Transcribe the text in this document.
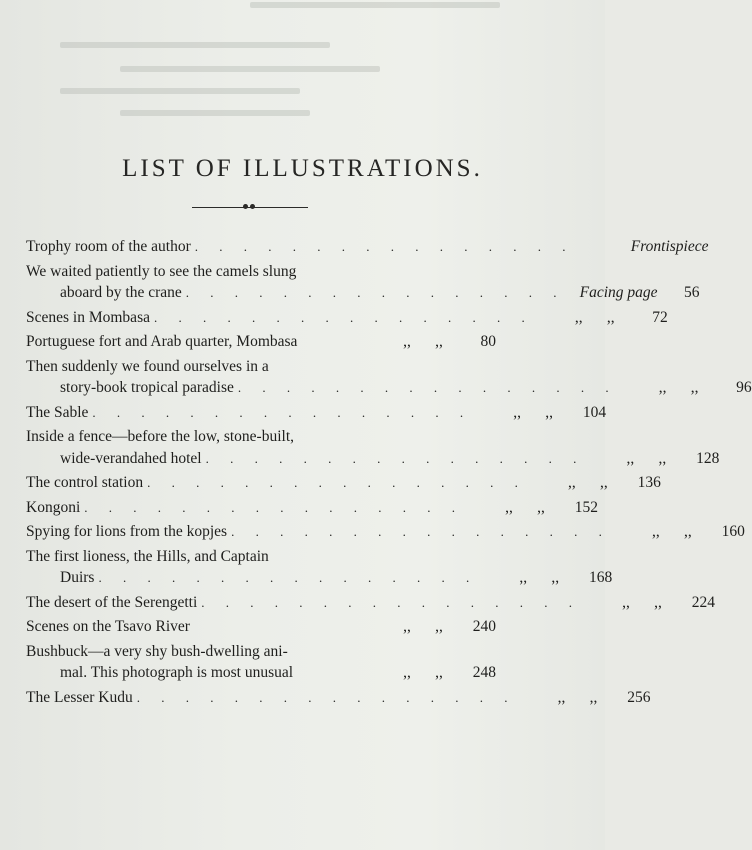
LIST OF ILLUSTRATIONS.
Trophy room of the author . . . . . . . . . . . . . . . .	Frontispiece
We waited patiently to see the camels slung
aboard by the crane . . . . . . . . . . . . . . . . Facing page	56
Scenes in Mombasa . . . . . . . . . . . . . . . .	,,	,,	72
Portuguese fort and Arab quarter, Mombasa	,,	,,	80
Then suddenly we found ourselves in a
story-book tropical paradise . . . . . . . . . . . . . . . .	,,	,,	96
The Sable . . . . . . . . . . . . . . . .	,,	,,	104
Inside a fence—before the low, stone-built,
wide-verandahed hotel . . . . . . . . . . . . . . . .	,,	,,	128
The control station . . . . . . . . . . . . . . . .	,,	,,	136
Kongoni . . . . . . . . . . . . . . . .	,,	,,	152
Spying for lions from the kopjes . . . . . . . . . . . . . . . .	,,	,,	160
The first lioness, the Hills, and Captain
Duirs . . . . . . . . . . . . . . . .	,,	,,	168
The desert of the Serengetti . . . . . . . . . . . . . . . .	,,	,,	224
Scenes on the Tsavo River	,,	,,	240
Bushbuck—a very shy bush-dwelling ani-
mal. This photograph is most unusual	,,	,,	248
The Lesser Kudu . . . . . . . . . . . . . . . .	,,	,,	256
